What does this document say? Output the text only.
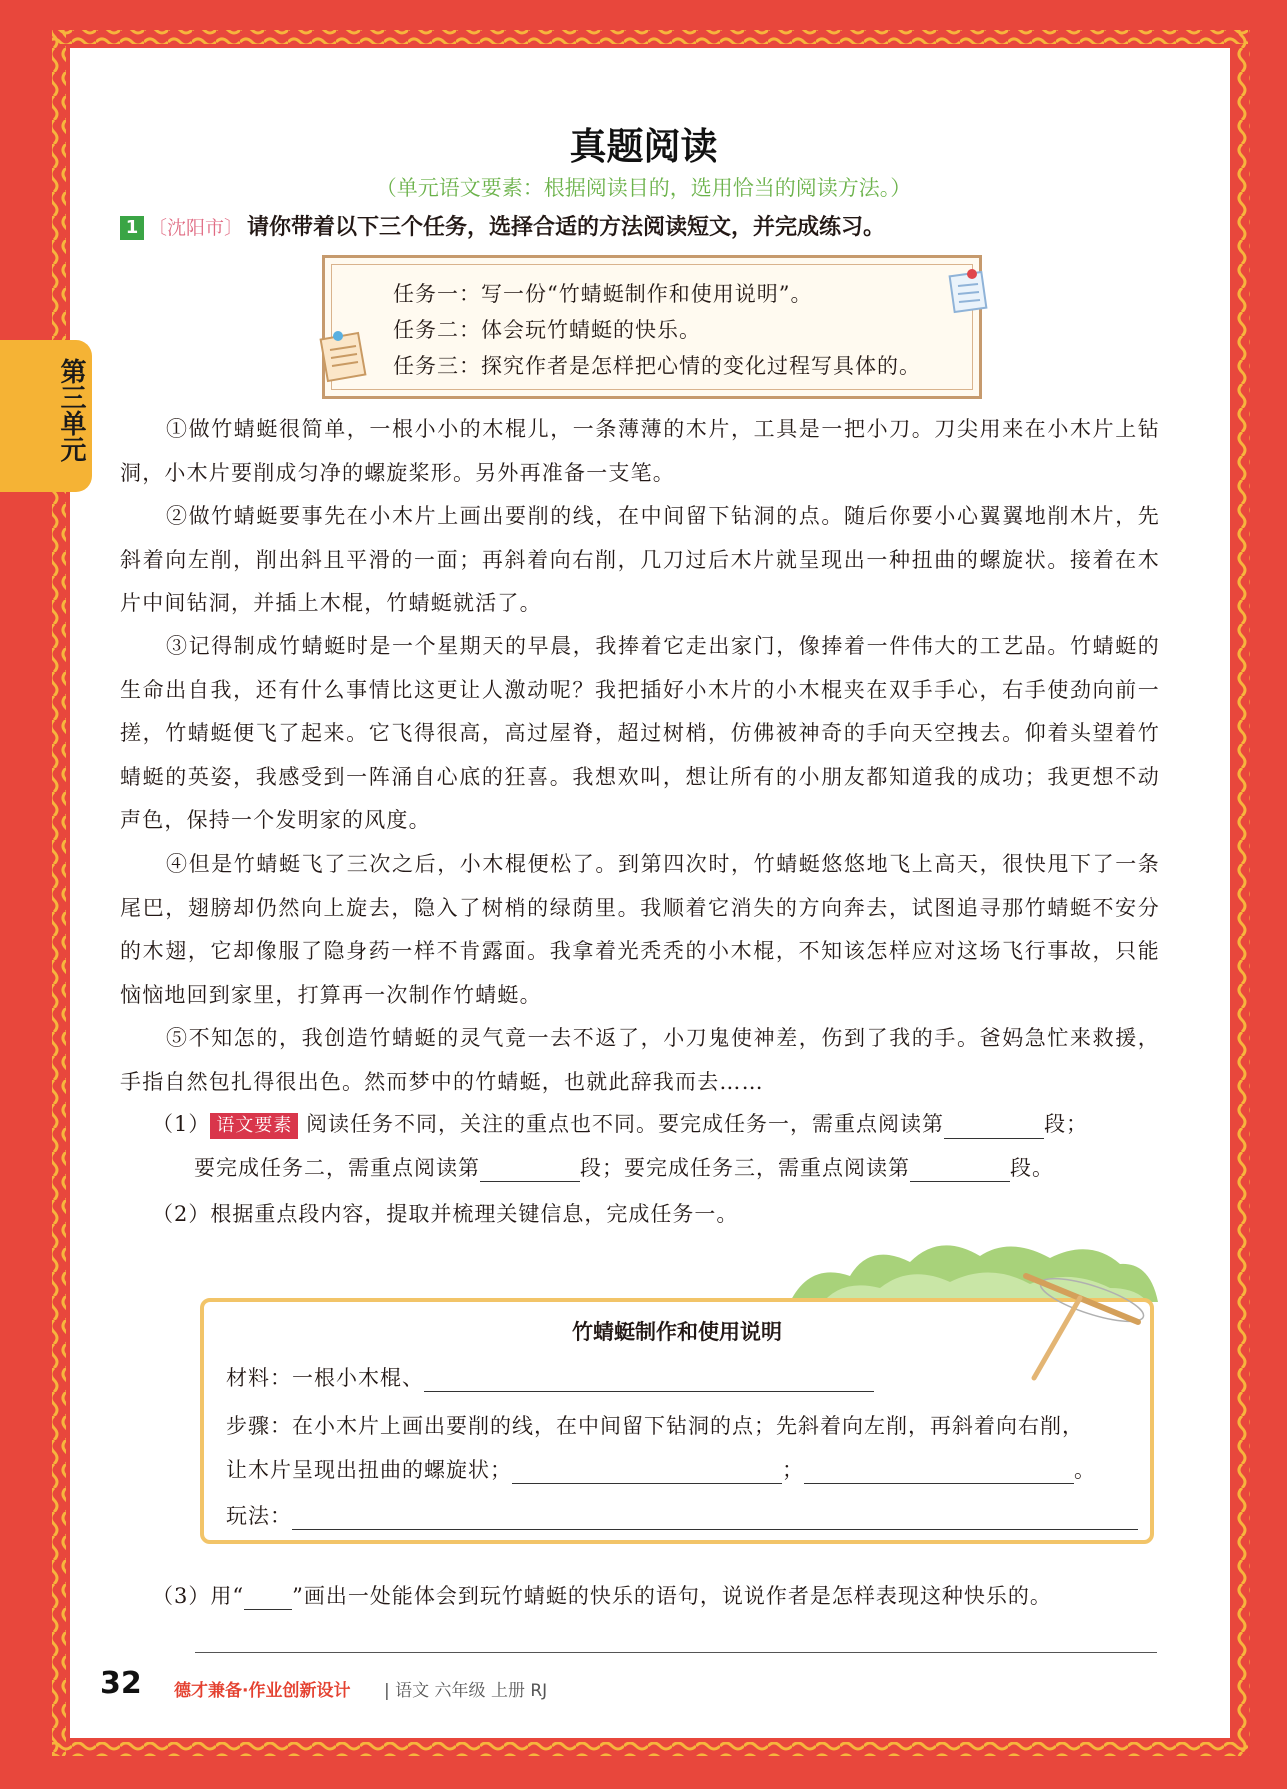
第三单元
真题阅读
（单元语文要素：根据阅读目的，选用恰当的阅读方法。）
1 〔沈阳市〕 请你带着以下三个任务，选择合适的方法阅读短文，并完成练习。
任务一：写一份“竹蜻蜓制作和使用说明”。
任务二：体会玩竹蜻蜓的快乐。
任务三：探究作者是怎样把心情的变化过程写具体的。

①做竹蜻蜓很简单，一根小小的木棍儿，一条薄薄的木片，工具是一把小刀。刀尖用来在小木片上钻洞，小木片要削成匀净的螺旋桨形。另外再准备一支笔。

②做竹蜻蜓要事先在小木片上画出要削的线，在中间留下钻洞的点。随后你要小心翼翼地削木片，先斜着向左削，削出斜且平滑的一面；再斜着向右削，几刀过后木片就呈现出一种扭曲的螺旋状。接着在木片中间钻洞，并插上木棍，竹蜻蜓就活了。

③记得制成竹蜻蜓时是一个星期天的早晨，我捧着它走出家门，像捧着一件伟大的工艺品。竹蜻蜓的生命出自我，还有什么事情比这更让人激动呢？我把插好小木片的小木棍夹在双手手心，右手使劲向前一搓，竹蜻蜓便飞了起来。它飞得很高，高过屋脊，超过树梢，仿佛被神奇的手向天空拽去。仰着头望着竹蜻蜓的英姿，我感受到一阵涌自心底的狂喜。我想欢叫，想让所有的小朋友都知道我的成功；我更想不动声色，保持一个发明家的风度。

④但是竹蜻蜓飞了三次之后，小木棍便松了。到第四次时，竹蜻蜓悠悠地飞上高天，很快甩下了一条尾巴，翅膀却仍然向上旋去，隐入了树梢的绿荫里。我顺着它消失的方向奔去，试图追寻那竹蜻蜓不安分的木翅，它却像服了隐身药一样不肯露面。我拿着光秃秃的小木棍，不知该怎样应对这场飞行事故，只能恼恼地回到家里，打算再一次制作竹蜻蜓。

⑤不知怎的，我创造竹蜻蜓的灵气竟一去不返了，小刀鬼使神差，伤到了我的手。爸妈急忙来救援，手指自然包扎得很出色。然而梦中的竹蜻蜓，也就此辞我而去……

（1） 语文要素 阅读任务不同，关注的重点也不同。要完成任务一，需重点阅读第	段；
要完成任务二，需重点阅读第	段；要完成任务三，需重点阅读第	段。
（2）根据重点段内容，提取并梳理关键信息，完成任务一。
竹蜻蜓制作和使用说明
材料：一根小木棍、
步骤：在小木片上画出要削的线，在中间留下钻洞的点；先斜着向左削，再斜着向右削，
让木片呈现出扭曲的螺旋状；	；	。
玩法：
（3）用“ ”画出一处能体会到玩竹蜻蜓的快乐的语句，说说作者是怎样表现这种快乐的。
32 德才兼备·作业创新设计 | 语文 六年级 上册 RJ
